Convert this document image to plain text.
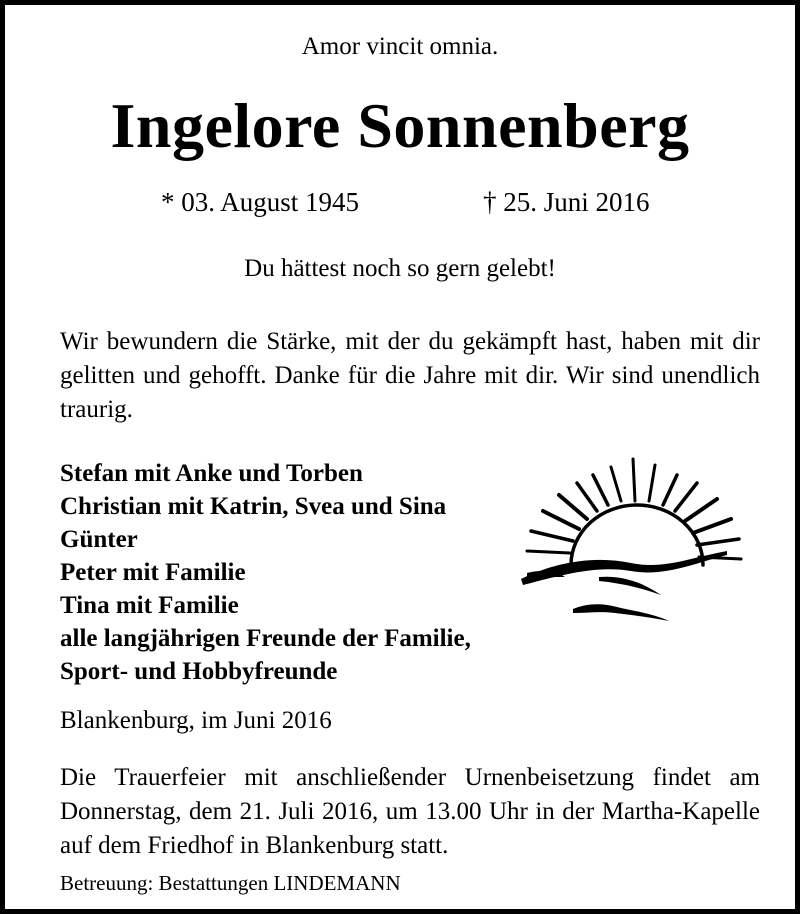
Amor vincit omnia.
Ingelore Sonnenberg
* 03. August 1945	† 25. Juni 2016
Du hättest noch so gern gelebt!
Wir bewundern die Stärke, mit der du gekämpft hast, haben mit dir gelitten und gehofft. Danke für die Jahre mit dir. Wir sind unendlich traurig.
Stefan mit Anke und Torben
Christian mit Katrin, Svea und Sina
Günter
Peter mit Familie
Tina mit Familie
alle langjährigen Freunde der Familie,
Sport- und Hobbyfreunde
Blankenburg, im Juni 2016
Die Trauerfeier mit anschließender Urnenbeisetzung findet am Donnerstag, dem 21. Juli 2016, um 13.00 Uhr in der Martha-Kapelle auf dem Friedhof in Blankenburg statt.
Betreuung: Bestattungen LINDEMANN
